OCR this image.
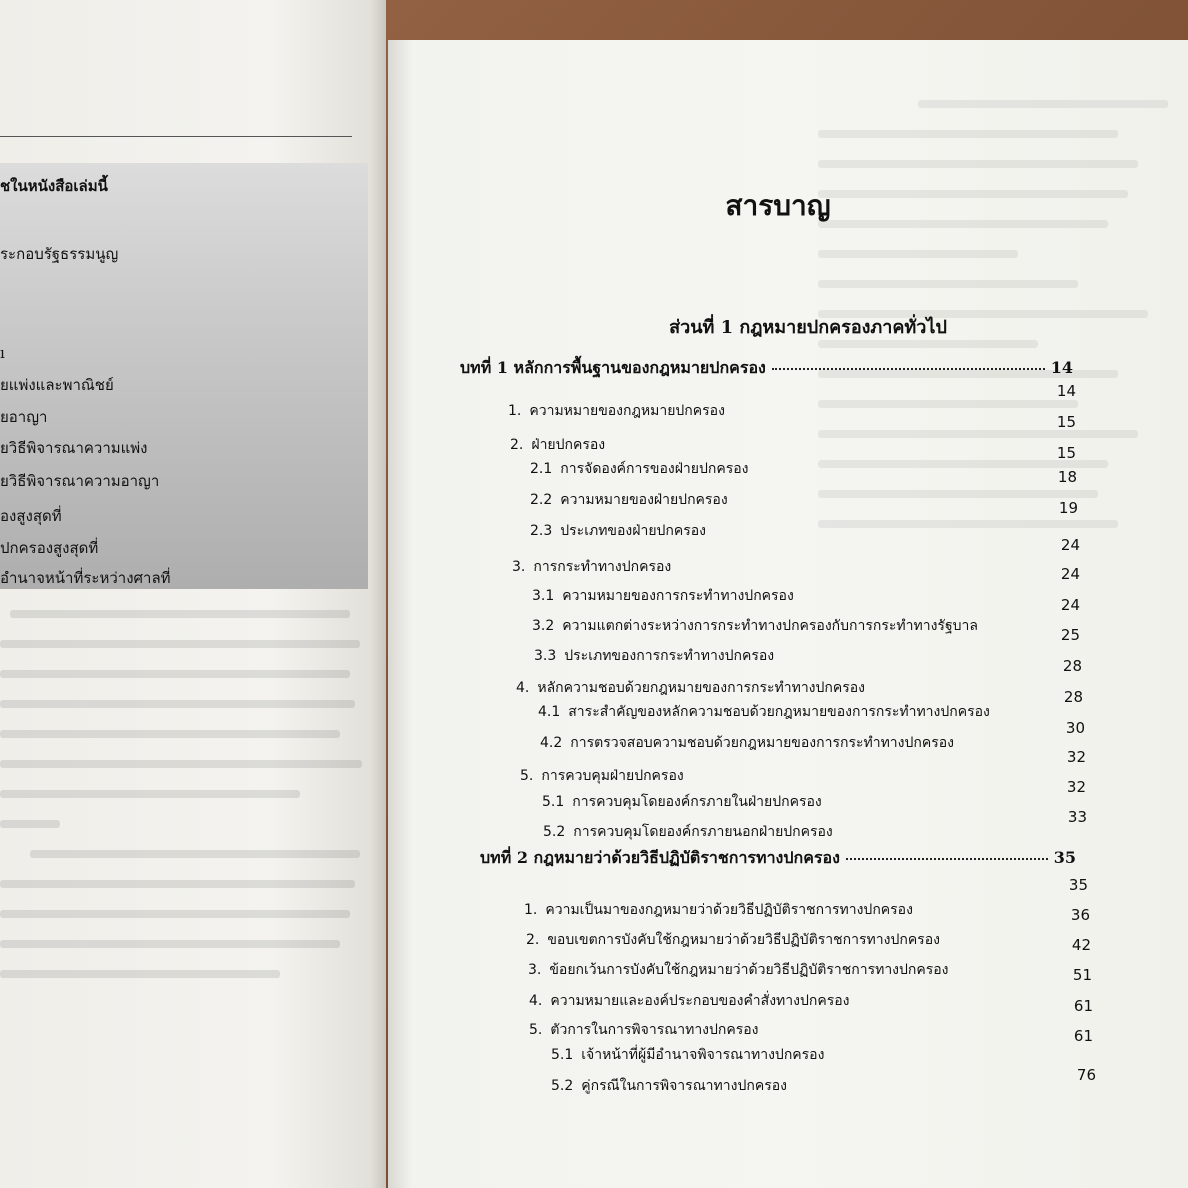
ชในหนังสือเล่มนี้
ระกอบรัฐธรรมนูญ
ı
ยแพ่งและพาณิชย์
ยอาญา
ยวิธีพิจารณาความแพ่ง
ยวิธีพิจารณาความอาญา
องสูงสุดที่
ปกครองสูงสุดที่
อำนาจหน้าที่ระหว่างศาลที่
สารบาญ
ส่วนที่ 1 กฎหมายปกครองภาคทั่วไป
บทที่ 1 หลักการพื้นฐานของกฎหมายปกครอง	14
บทที่ 2 กฎหมายว่าด้วยวิธีปฏิบัติราชการทางปกครอง	35
1. ความหมายของกฎหมายปกครอง
2. ฝ่ายปกครอง
2.1 การจัดองค์การของฝ่ายปกครอง
2.2 ความหมายของฝ่ายปกครอง
2.3 ประเภทของฝ่ายปกครอง
3. การกระทำทางปกครอง
3.1 ความหมายของการกระทำทางปกครอง
3.2 ความแตกต่างระหว่างการกระทำทางปกครองกับการกระทำทางรัฐบาล
3.3 ประเภทของการกระทำทางปกครอง
4. หลักความชอบด้วยกฎหมายของการกระทำทางปกครอง
4.1 สาระสำคัญของหลักความชอบด้วยกฎหมายของการกระทำทางปกครอง
4.2 การตรวจสอบความชอบด้วยกฎหมายของการกระทำทางปกครอง
5. การควบคุมฝ่ายปกครอง
5.1 การควบคุมโดยองค์กรภายในฝ่ายปกครอง
5.2 การควบคุมโดยองค์กรภายนอกฝ่ายปกครอง
1. ความเป็นมาของกฎหมายว่าด้วยวิธีปฏิบัติราชการทางปกครอง
2. ขอบเขตการบังคับใช้กฎหมายว่าด้วยวิธีปฏิบัติราชการทางปกครอง
3. ข้อยกเว้นการบังคับใช้กฎหมายว่าด้วยวิธีปฏิบัติราชการทางปกครอง
4. ความหมายและองค์ประกอบของคำสั่งทางปกครอง
5. ตัวการในการพิจารณาทางปกครอง
5.1 เจ้าหน้าที่ผู้มีอำนาจพิจารณาทางปกครอง
5.2 คู่กรณีในการพิจารณาทางปกครอง
14
15
15
18
19
24
24
24
25
28
28
30
32
32
33
35
36
42
51
61
61
76
